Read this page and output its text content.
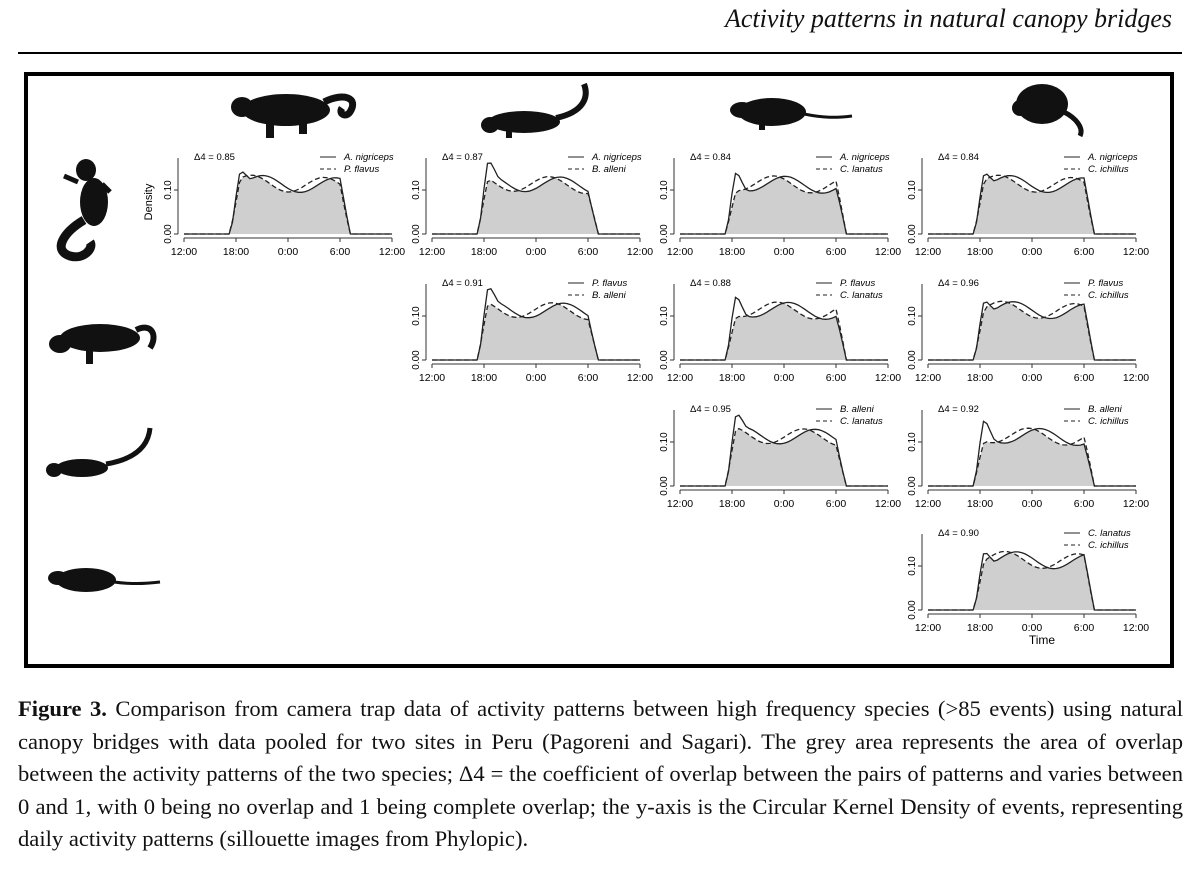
Activity patterns in natural canopy bridges
Density
Time
0.00
0.10
12:00 18:00	0:00	6:00	12:00
Δ4 = 0.85	A. nigriceps
P. flavus
0.00
0.10
12:00 18:00	0:00	6:00	12:00
Δ4 = 0.87	A. nigriceps
B. alleni
0.00
0.10
12:00 18:00	0:00	6:00	12:00
Δ4 = 0.84	A. nigriceps
C. lanatus
0.00
0.10
12:00 18:00	0:00	6:00	12:00
Δ4 = 0.84	A. nigriceps
C. ichillus
0.00
0.10
12:00 18:00	0:00	6:00	12:00
Δ4 = 0.91	P. flavus
B. alleni
0.00
0.10
12:00 18:00	0:00	6:00	12:00
Δ4 = 0.88	P. flavus
C. lanatus
0.00
0.10
12:00 18:00	0:00	6:00	12:00
Δ4 = 0.96	P. flavus
C. ichillus
0.00
0.10
12:00 18:00	0:00	6:00	12:00
Δ4 = 0.95	B. alleni
C. lanatus
0.00
0.10
12:00 18:00	0:00	6:00	12:00
Δ4 = 0.92	B. alleni
C. ichillus
0.00
0.10
12:00 18:00	0:00	6:00	12:00
Δ4 = 0.90	C. lanatus
C. ichillus
Figure 3. Comparison from camera trap data of activity patterns between high frequency species (>85 events) using natural canopy bridges with data pooled for two sites in Peru (Pagoreni and Sagari). The grey area represents the area of overlap between the activity patterns of the two species; Δ4 = the coefficient of overlap between the pairs of patterns and varies between 0 and 1, with 0 being no overlap and 1 being complete overlap; the y-axis is the Circular Kernel Density of events, representing daily activity patterns (sillouette images from Phylopic).
